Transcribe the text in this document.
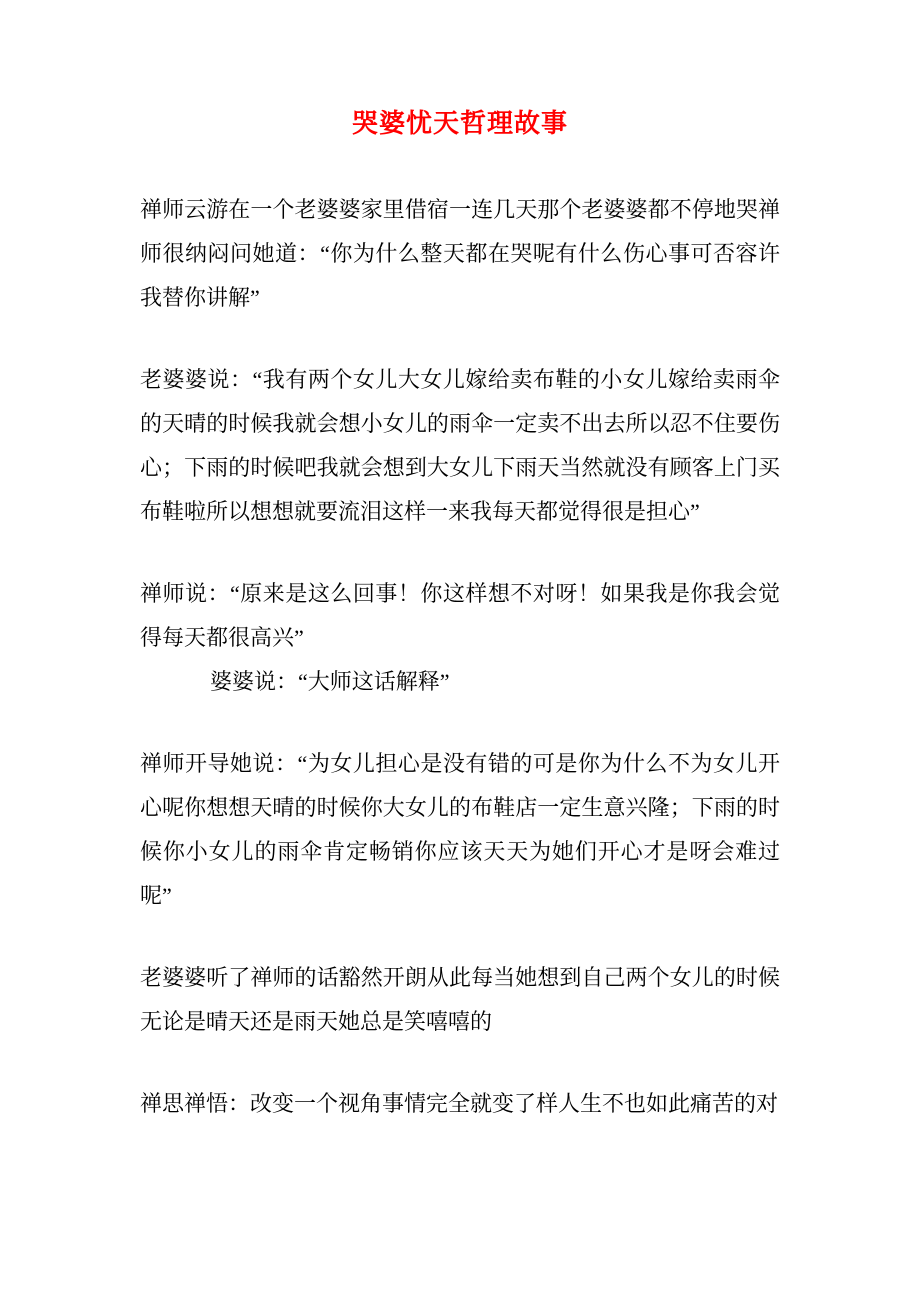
哭婆忧天哲理故事

禅师云游在一个老婆婆家里借宿一连几天那个老婆婆都不停地哭禅师很纳闷问她道：“你为什么整天都在哭呢有什么伤心事可否容许我替你讲解”

老婆婆说：“我有两个女儿大女儿嫁给卖布鞋的小女儿嫁给卖雨伞的天晴的时候我就会想小女儿的雨伞一定卖不出去所以忍不住要伤心；下雨的时候吧我就会想到大女儿下雨天当然就没有顾客上门买布鞋啦所以想想就要流泪这样一来我每天都觉得很是担心”

禅师说：“原来是这么回事！你这样想不对呀！如果我是你我会觉得每天都很高兴”

婆婆说：“大师这话解释”

禅师开导她说：“为女儿担心是没有错的可是你为什么不为女儿开心呢你想想天晴的时候你大女儿的布鞋店一定生意兴隆；下雨的时候你小女儿的雨伞肯定畅销你应该天天为她们开心才是呀会难过呢”

老婆婆听了禅师的话豁然开朗从此每当她想到自己两个女儿的时候无论是晴天还是雨天她总是笑嘻嘻的

禅思禅悟：改变一个视角事情完全就变了样人生不也如此痛苦的对
